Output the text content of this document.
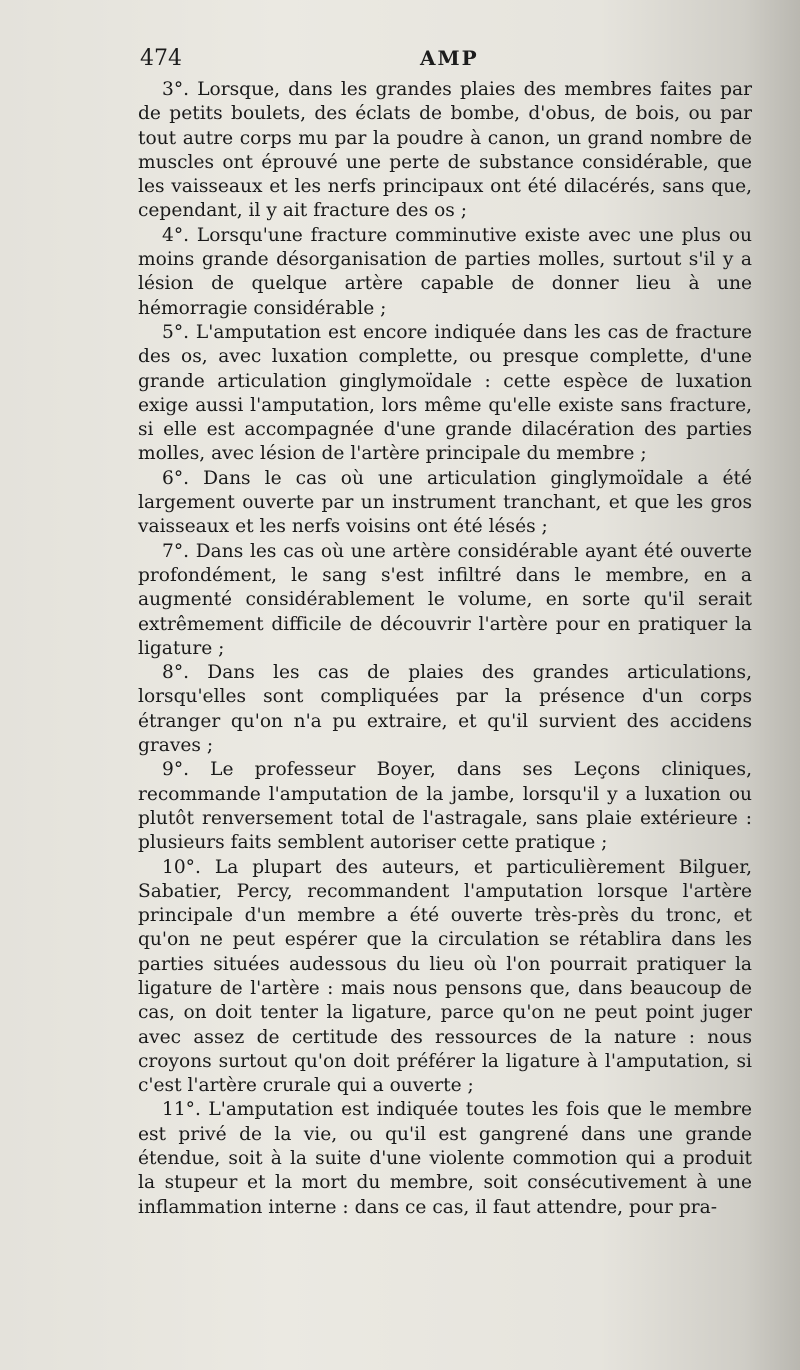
474	AMP

3°. Lorsque, dans les grandes plaies des membres faites par de petits boulets, des éclats de bombe, d'obus, de bois, ou par tout autre corps mu par la poudre à canon, un grand nombre de muscles ont éprouvé une perte de substance considérable, que les vaisseaux et les nerfs principaux ont été dilacérés, sans que, cependant, il y ait fracture des os ;

4°. Lorsqu'une fracture comminutive existe avec une plus ou moins grande désorganisation de parties molles, surtout s'il y a lésion de quelque artère capable de donner lieu à une hémorragie considérable ;

5°. L'amputation est encore indiquée dans les cas de fracture des os, avec luxation complette, ou presque complette, d'une grande articulation ginglymoïdale : cette espèce de luxation exige aussi l'amputation, lors même qu'elle existe sans fracture, si elle est accompagnée d'une grande dilacération des parties molles, avec lésion de l'artère principale du membre ;

6°. Dans le cas où une articulation ginglymoïdale a été largement ouverte par un instrument tranchant, et que les gros vaisseaux et les nerfs voisins ont été lésés ;

7°. Dans les cas où une artère considérable ayant été ouverte profondément, le sang s'est infiltré dans le membre, en a augmenté considérablement le volume, en sorte qu'il serait extrêmement difficile de découvrir l'artère pour en pratiquer la ligature ;

8°. Dans les cas de plaies des grandes articulations, lorsqu'elles sont compliquées par la présence d'un corps étranger qu'on n'a pu extraire, et qu'il survient des accidens graves ;

9°. Le professeur Boyer, dans ses Leçons cliniques, recommande l'amputation de la jambe, lorsqu'il y a luxation ou plutôt renversement total de l'astragale, sans plaie extérieure : plusieurs faits semblent autoriser cette pratique ;

10°. La plupart des auteurs, et particulièrement Bilguer, Sabatier, Percy, recommandent l'amputation lorsque l'artère principale d'un membre a été ouverte très-près du tronc, et qu'on ne peut espérer que la circulation se rétablira dans les parties situées audessous du lieu où l'on pourrait pratiquer la ligature de l'artère : mais nous pensons que, dans beaucoup de cas, on doit tenter la ligature, parce qu'on ne peut point juger avec assez de certitude des ressources de la nature : nous croyons surtout qu'on doit préférer la ligature à l'amputation, si c'est l'artère crurale qui a ouverte ;

11°. L'amputation est indiquée toutes les fois que le membre est privé de la vie, ou qu'il est gangrené dans une grande étendue, soit à la suite d'une violente commotion qui a produit la stupeur et la mort du membre, soit consécutivement à une inflammation interne : dans ce cas, il faut attendre, pour pra-
